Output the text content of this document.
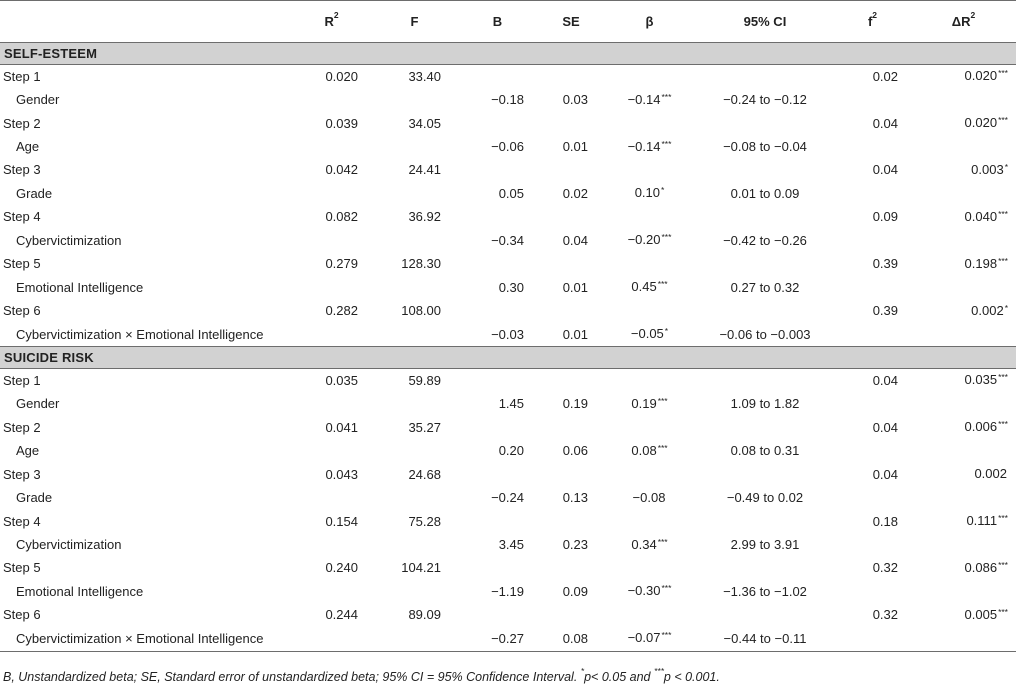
	$R^2$	F	B	SE	β	95% CI	$f^2$	$\Delta R^2$
SELF-ESTEEM								
Step 1	0.020	33.40					0.02	0.020***
Gender			−0.18	0.03	−0.14***	−0.24 to −0.12		
Step 2	0.039	34.05					0.04	0.020***
Age			−0.06	0.01	−0.14***	−0.08 to −0.04		
Step 3	0.042	24.41					0.04	0.003*
Grade			0.05	0.02	0.10*	0.01 to 0.09		
Step 4	0.082	36.92					0.09	0.040***
Cybervictimization			−0.34	0.04	−0.20***	−0.42 to −0.26		
Step 5	0.279	128.30					0.39	0.198***
Emotional Intelligence			0.30	0.01	0.45***	0.27 to 0.32		
Step 6	0.282	108.00					0.39	0.002*
Cybervictimization × Emotional Intelligence			−0.03	0.01	−0.05*	−0.06 to −0.003		
SUICIDE RISK								
Step 1	0.035	59.89					0.04	0.035***
Gender			1.45	0.19	0.19***	1.09 to 1.82		
Step 2	0.041	35.27					0.04	0.006***
Age			0.20	0.06	0.08***	0.08 to 0.31		
Step 3	0.043	24.68					0.04	0.002
Grade			−0.24	0.13	−0.08	−0.49 to 0.02		
Step 4	0.154	75.28					0.18	0.111***
Cybervictimization			3.45	0.23	0.34***	2.99 to 3.91		
Step 5	0.240	104.21					0.32	0.086***
Emotional Intelligence			−1.19	0.09	−0.30***	−1.36 to −1.02		
Step 6	0.244	89.09					0.32	0.005***
Cybervictimization × Emotional Intelligence			−0.27	0.08	−0.07***	−0.44 to −0.11		

B, Unstandardized beta; SE, Standard error of unstandardized beta; 95% CI = 95% Confidence Interval. *p< 0.05 and ***p < 0.001.
